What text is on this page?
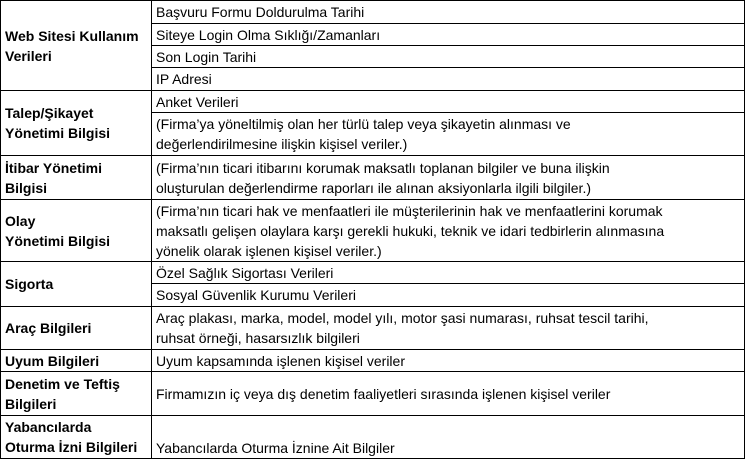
Web Sitesi Kullanım
Verileri	Başvuru Formu Doldurulma Tarihi

	Siteye Login Olma Sıklığı/Zamanları

	Son Login Tarihi

	IP Adresi

Talep/Şikayet
Yönetimi Bilgisi	Anket Verileri

	(Firma’ya yöneltilmiş olan her türlü talep veya şikayetin alınması ve
değerlendirilmesine ilişkin kişisel veriler.)

İtibar Yönetimi
Bilgisi	(Firma’nın ticari itibarını korumak maksatlı toplanan bilgiler ve buna ilişkin
oluşturulan değerlendirme raporları ile alınan aksiyonlarla ilgili bilgiler.)

Olay
Yönetimi Bilgisi	(Firma’nın ticari hak ve menfaatleri ile müşterilerinin hak ve menfaatlerini korumak
maksatlı gelişen olaylara karşı gerekli hukuki, teknik ve idari tedbirlerin alınmasına
yönelik olarak işlenen kişisel veriler.)

Sigorta	Özel Sağlık Sigortası Verileri

	Sosyal Güvenlik Kurumu Verileri

Araç Bilgileri	Araç plakası, marka, model, model yılı, motor şasi numarası, ruhsat tescil tarihi,
ruhsat örneği, hasarsızlık bilgileri

Uyum Bilgileri	Uyum kapsamında işlenen kişisel veriler

Denetim ve Teftiş
Bilgileri	Firmamızın iç veya dış denetim faaliyetleri sırasında işlenen kişisel veriler

Yabancılarda
Oturma İzni Bilgileri	Yabancılarda Oturma İznine Ait Bilgiler
